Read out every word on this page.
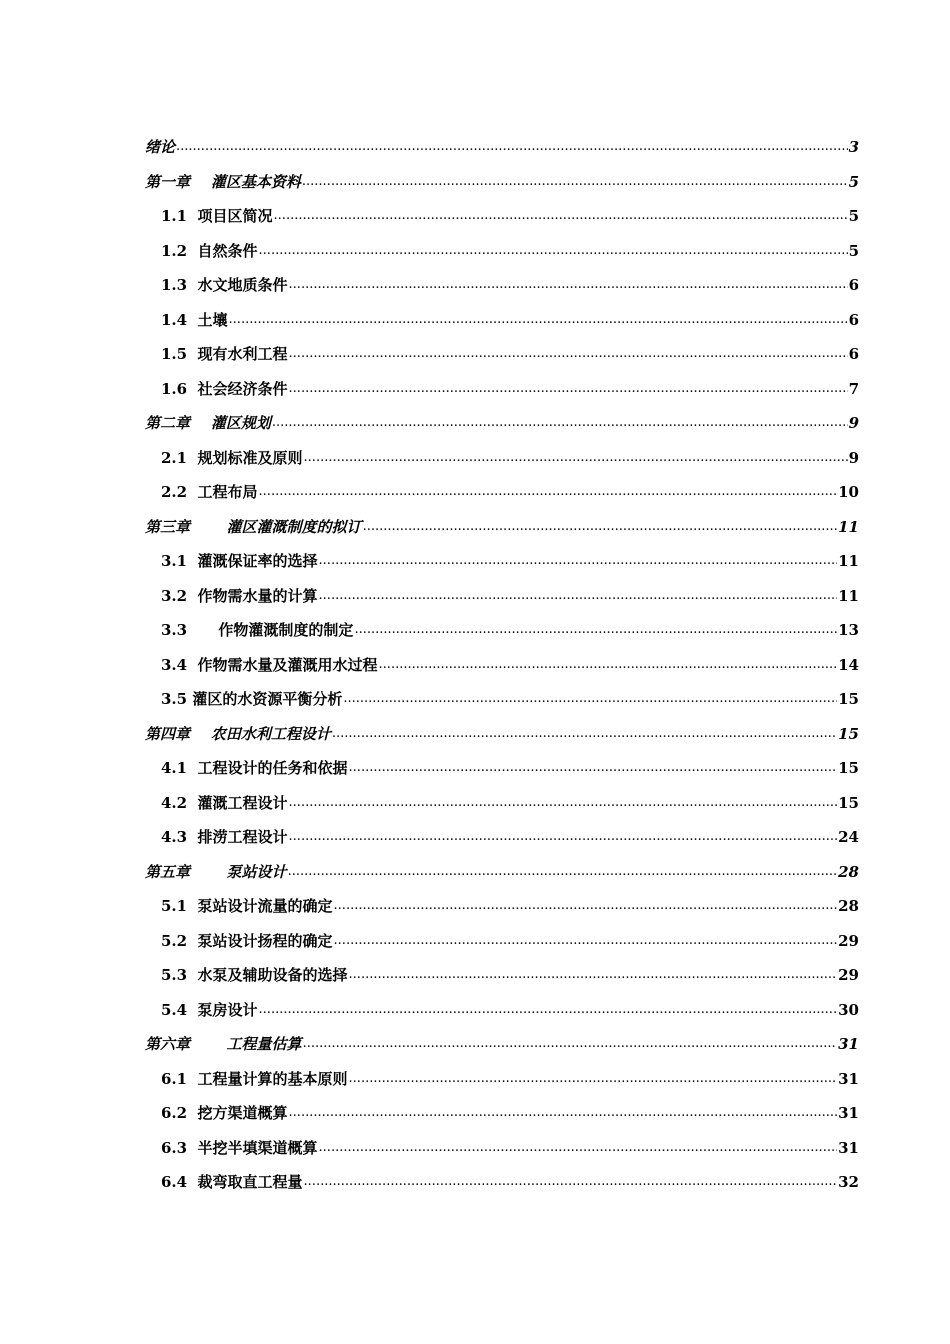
绪论 .....	3
第一章    灌区基本资料 .....	5
1.1  项目区简况 .....	5
1.2  自然条件 .....	5
1.3  水文地质条件 .....	6
1.4  土壤 .....	6
1.5  现有水利工程 .....	6
1.6  社会经济条件 .....	7
第二章    灌区规划 .....	9
2.1  规划标准及原则 .....	9
2.2  工程布局 .....	10
第三章       灌区灌溉制度的拟订 .....	11
3.1  灌溉保证率的选择 .....	11
3.2  作物需水量的计算 .....	11
3.3      作物灌溉制度的制定 .....	13
3.4  作物需水量及灌溉用水过程 .....	14
3.5 灌区的水资源平衡分析 .....	15
第四章    农田水利工程设计 .....	15
4.1  工程设计的任务和依据 .....	15
4.2  灌溉工程设计 .....	15
4.3  排涝工程设计 .....	24
第五章       泵站设计 .....	28
5.1  泵站设计流量的确定 .....	28
5.2  泵站设计扬程的确定 .....	29
5.3  水泵及辅助设备的选择 .....	29
5.4  泵房设计 .....	30
第六章       工程量估算 .....	31
6.1  工程量计算的基本原则 .....	31
6.2  挖方渠道概算 .....	31
6.3  半挖半填渠道概算 .....	31
6.4  裁弯取直工程量 .....	32
